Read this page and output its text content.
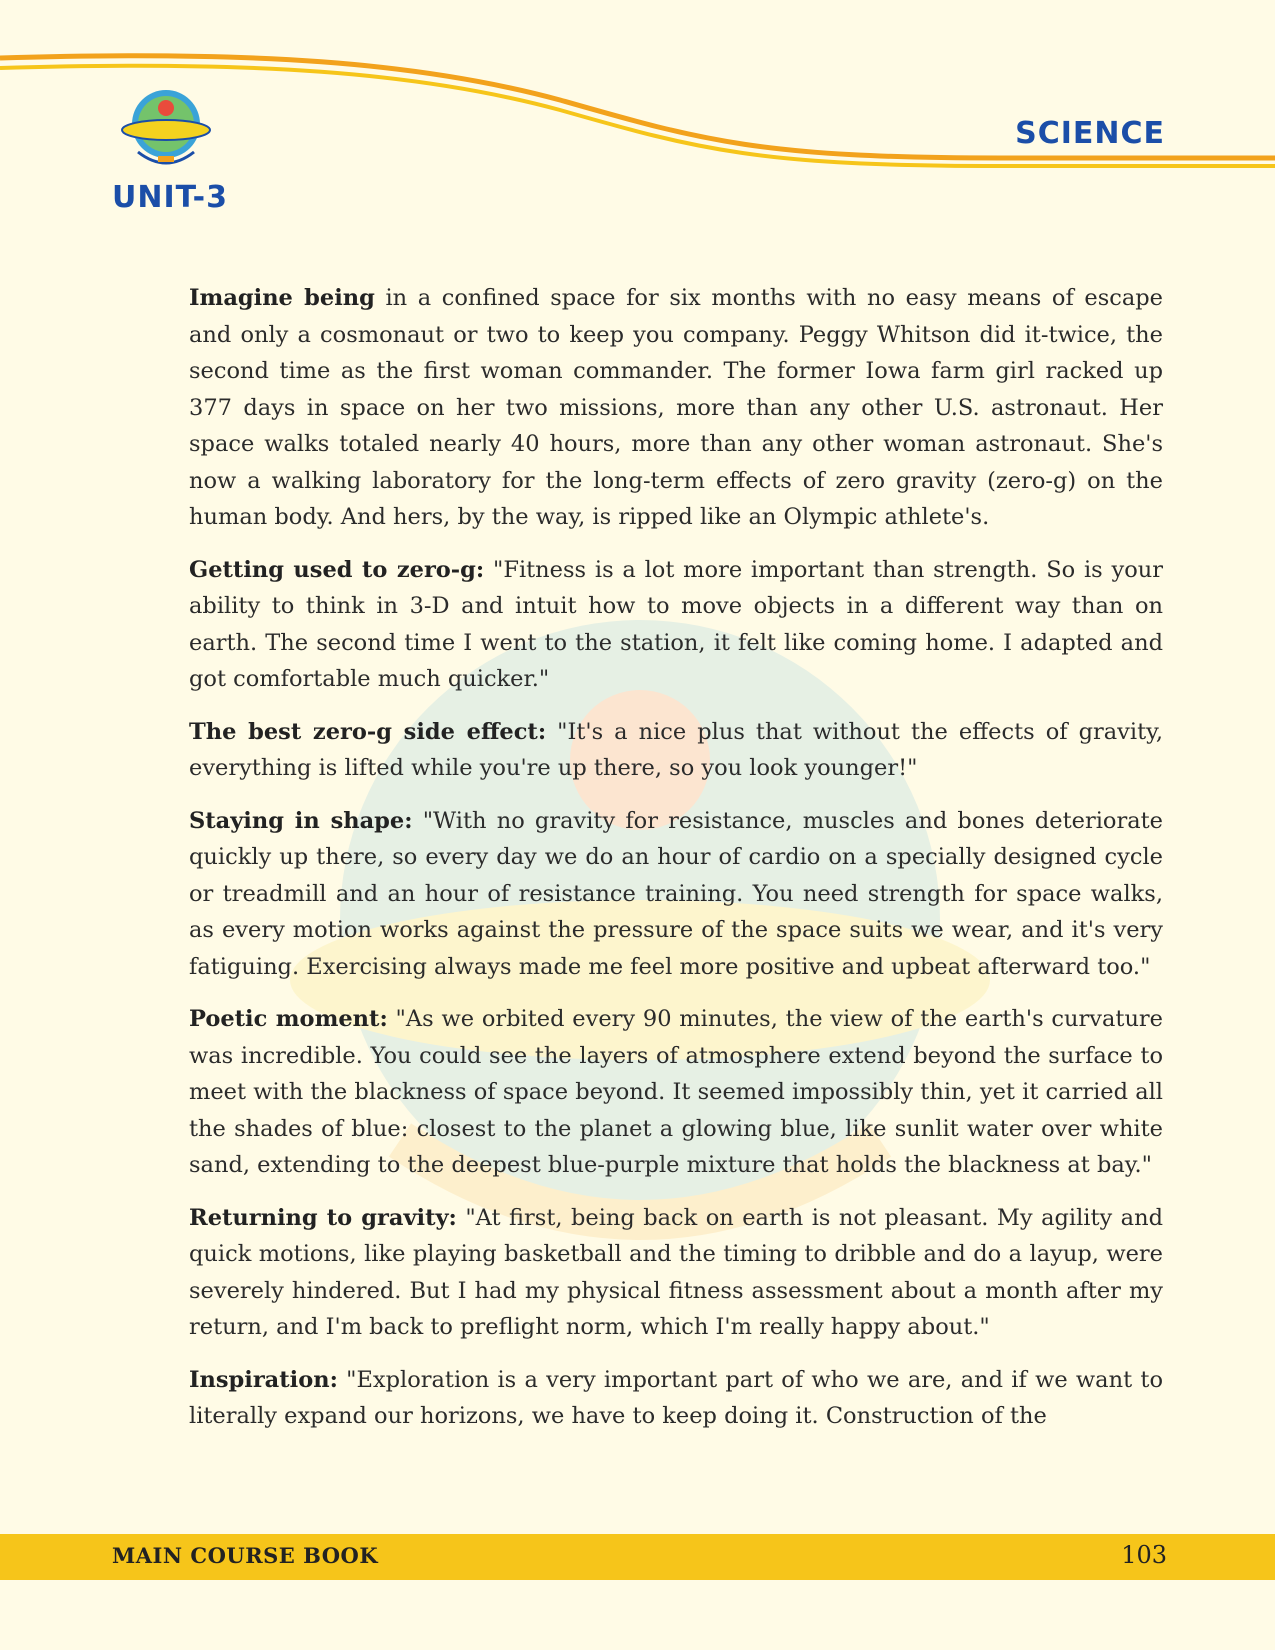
UNIT-3
SCIENCE

Imagine being in a confined space for six months with no easy means of escape and only a cosmonaut or two to keep you company. Peggy Whitson did it-twice, the second time as the first woman commander. The former Iowa farm girl racked up 377 days in space on her two missions, more than any other U.S. astronaut. Her space walks totaled nearly 40 hours, more than any other woman astronaut. She's now a walking laboratory for the long-term effects of zero gravity (zero-g) on the human body. And hers, by the way, is ripped like an Olympic athlete's.

Getting used to zero-g: "Fitness is a lot more important than strength. So is your ability to think in 3-D and intuit how to move objects in a different way than on earth. The second time I went to the station, it felt like coming home. I adapted and got comfortable much quicker."

The best zero-g side effect: "It's a nice plus that without the effects of gravity, everything is lifted while you're up there, so you look younger!"

Staying in shape: "With no gravity for resistance, muscles and bones deteriorate quickly up there, so every day we do an hour of cardio on a specially designed cycle or treadmill and an hour of resistance training. You need strength for space walks, as every motion works against the pressure of the space suits we wear, and it's very fatiguing. Exercising always made me feel more positive and upbeat afterward too."

Poetic moment: "As we orbited every 90 minutes, the view of the earth's curvature was incredible. You could see the layers of atmosphere extend beyond the surface to meet with the blackness of space beyond. It seemed impossibly thin, yet it carried all the shades of blue: closest to the planet a glowing blue, like sunlit water over white sand, extending to the deepest blue-purple mixture that holds the blackness at bay."

Returning to gravity: "At first, being back on earth is not pleasant. My agility and quick motions, like playing basketball and the timing to dribble and do a layup, were severely hindered. But I had my physical fitness assessment about a month after my return, and I'm back to preflight norm, which I'm really happy about."

Inspiration: "Exploration is a very important part of who we are, and if we want to literally expand our horizons, we have to keep doing it. Construction of the

MAIN COURSE BOOK	103
